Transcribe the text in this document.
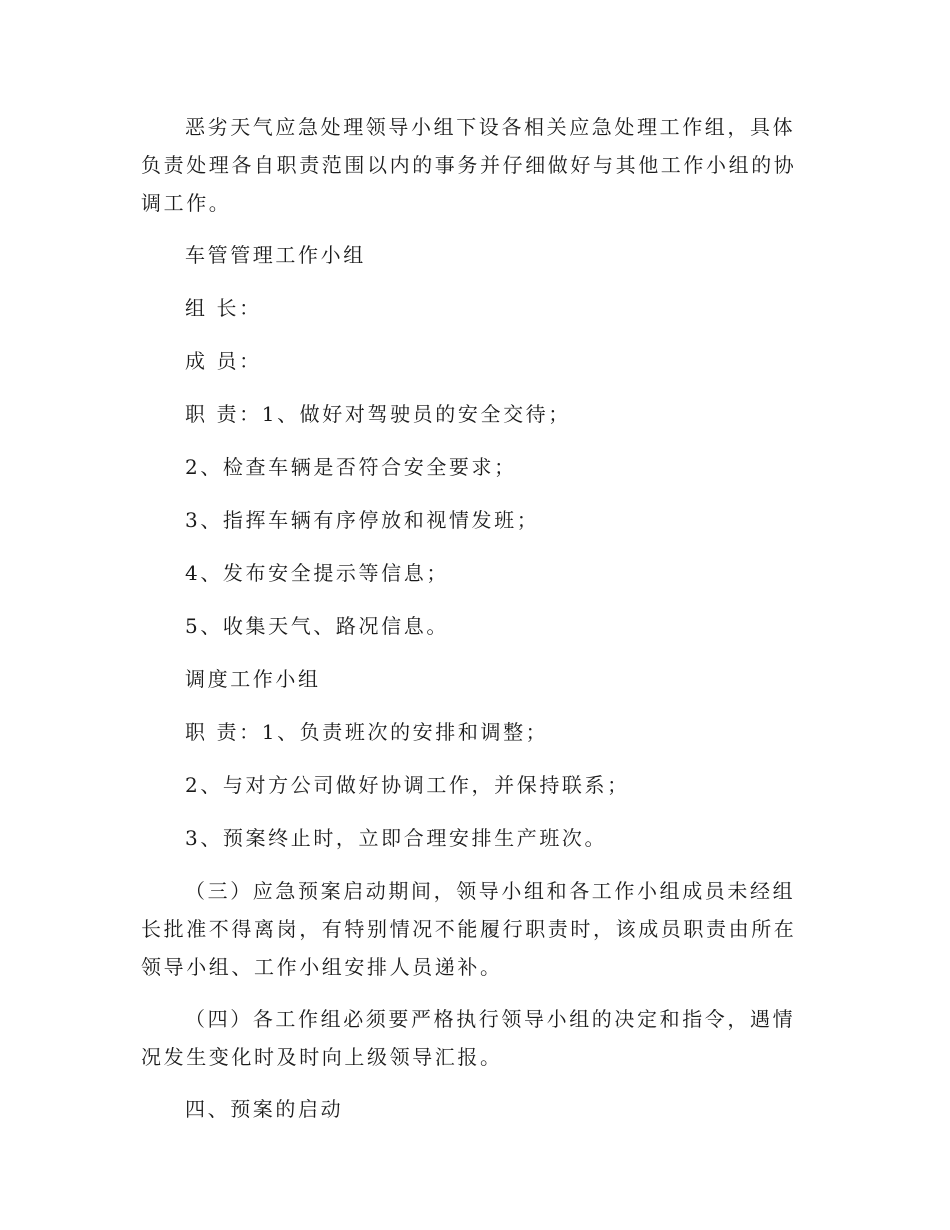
恶劣天气应急处理领导小组下设各相关应急处理工作组，具体负责处理各自职责范围以内的事务并仔细做好与其他工作小组的协调工作。

车管管理工作小组

组 长：

成 员：

职 责：1、做好对驾驶员的安全交待；

2、检查车辆是否符合安全要求；

3、指挥车辆有序停放和视情发班；

4、发布安全提示等信息；

5、收集天气、路况信息。

调度工作小组

职 责：1、负责班次的安排和调整；

2、与对方公司做好协调工作，并保持联系；

3、预案终止时，立即合理安排生产班次。

（三）应急预案启动期间，领导小组和各工作小组成员未经组长批准不得离岗，有特别情况不能履行职责时，该成员职责由所在领导小组、工作小组安排人员递补。

（四）各工作组必须要严格执行领导小组的决定和指令，遇情况发生变化时及时向上级领导汇报。

四、预案的启动
